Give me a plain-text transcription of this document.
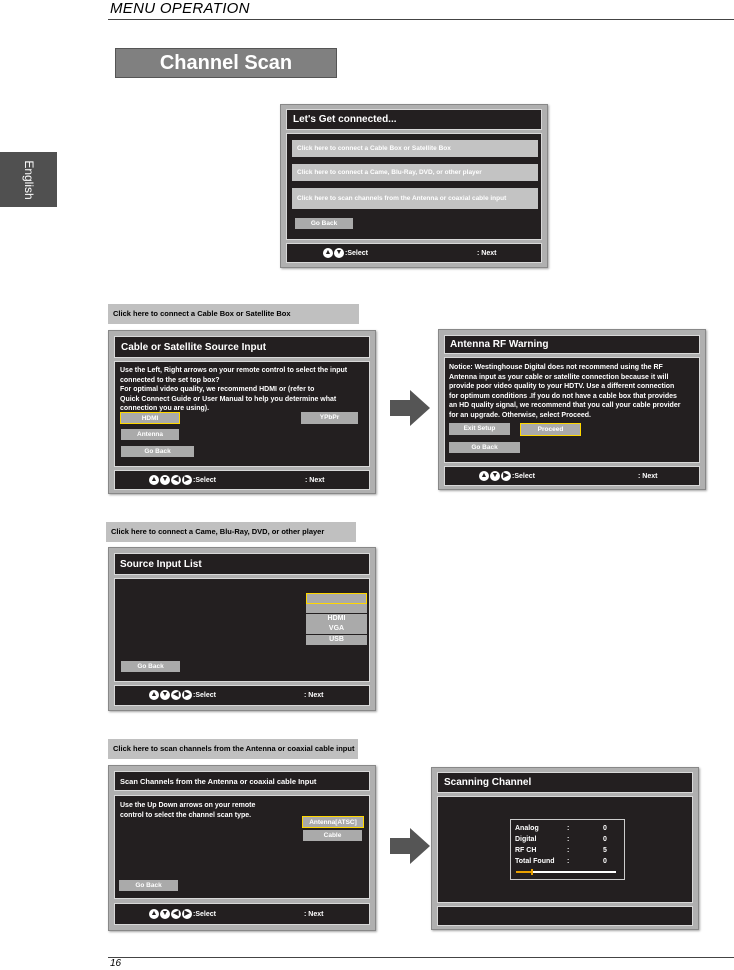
MENU OPERATION
Channel Scan
English
Let's Get connected...
Click here to connect a Cable Box or Satellite Box
Click here to connect a Came, Blu-Ray, DVD, or other player
Click here to scan channels from the Antenna or coaxial cable input
Go Back
▲ ▼ :Select	: Next
Click here to connect a Cable Box or Satellite Box
Cable or Satellite Source Input
Use the Left, Right arrows on your remote control to select the input
connected to the set top box?
For optimal video quality, we recommend HDMI or (refer to
Quick Connect Guide or User Manual to help you determine what
connection you are using).
HDMI	YPbPr
Antenna
Go Back
▲ ▼ ◀ ▶ :Select	: Next
Antenna RF Warning
Notice: Westinghouse Digital does not recommend using the RF
Antenna input as your cable or satellite connection because it will
provide poor video quality to your HDTV. Use a different connection
for optimum conditions .If you do not have a cable box that provides
an HD quality signal, we recommend that you call your cable provider
for an upgrade. Otherwise, select Proceed.
Exit Setup	Proceed
Go Back
▲ ▼ ▶ :Select	: Next
Click here to connect a Came, Blu-Ray, DVD, or other player
Source Input List
HDMI
VGA
USB
Go Back
▲ ▼ ◀ ▶ :Select	: Next
Click here to scan channels from the Antenna or coaxial cable input
Scan Channels from the Antenna or coaxial cable Input
Use the Up Down arrows on your remote
control to select the channel scan type.
Antenna[ATSC]
Cable
Go Back
▲ ▼ ◀ ▶ :Select	: Next
Scanning Channel
Analog	:	0
Digital	:	0
RF CH	:	5
Total Found :	0
16
